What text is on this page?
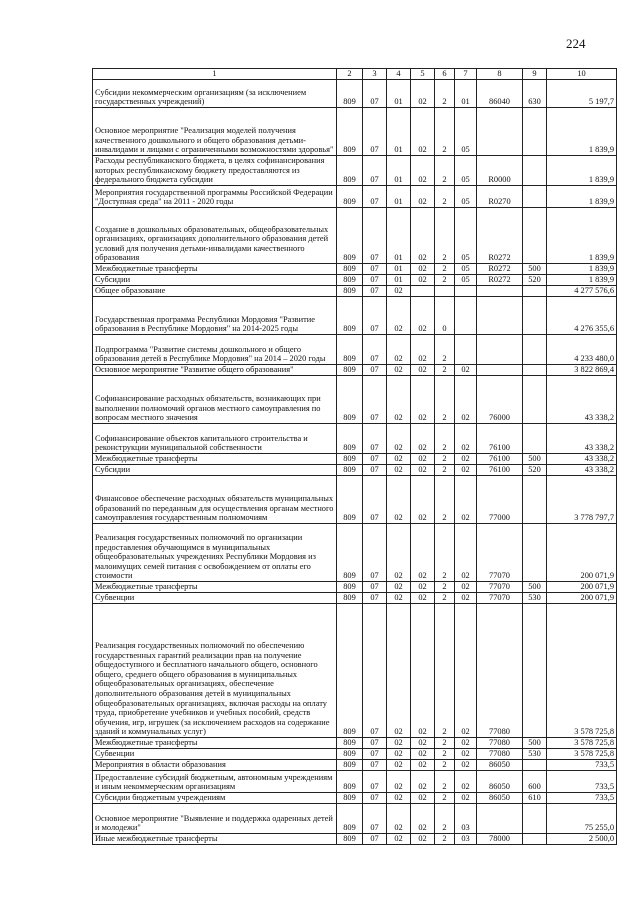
224
1	2	3	4	5	6	7	8	9	10
Субсидии некоммерческим организациям (за исключением государственных учреждений)	809	07	01	02	2	01	86040	630	5 197,7
Основное мероприятие "Реализация моделей получения качественного дошкольного и общего образования детьми-инвалидами и лицами с ограниченными возможностями здоровья"	809	07	01	02	2	05			1 839,9
Расходы республиканского бюджета, в целях софинансирования которых республиканскому бюджету предоставляются из федерального бюджета субсидии	809	07	01	02	2	05	R0000		1 839,9
Мероприятия государственной программы Российской Федерации "Доступная среда" на 2011 - 2020 годы	809	07	01	02	2	05	R0270		1 839,9
Создание в дошкольных образовательных, общеобразовательных организациях, организациях дополнительного образования детей условий для получения детьми-инвалидами качественного образования	809	07	01	02	2	05	R0272		1 839,9
Межбюджетные трансферты	809	07	01	02	2	05	R0272	500	1 839,9
Субсидии	809	07	01	02	2	05	R0272	520	1 839,9
Общее образование	809	07	02						4 277 576,6
Государственная программа Республики Мордовия "Развитие образования в Республике Мордовия" на 2014-2025 годы	809	07	02	02	0				4 276 355,6
Подпрограмма "Развитие системы дошкольного и общего образования детей в Республике Мордовия" на 2014 – 2020 годы	809	07	02	02	2				4 233 480,0
Основное мероприятие "Развитие общего образования"	809	07	02	02	2	02			3 822 869,4
Софинансирование расходных обязательств, возникающих при выполнении полномочий органов местного самоуправления по вопросам местного значения	809	07	02	02	2	02	76000		43 338,2
Софинансирование объектов капитального строительства и реконструкции муниципальной собственности	809	07	02	02	2	02	76100		43 338,2
Межбюджетные трансферты	809	07	02	02	2	02	76100	500	43 338,2
Субсидии	809	07	02	02	2	02	76100	520	43 338,2
Финансовое обеспечение расходных обязательств муниципальных образований по переданным для осуществления органам местного самоуправления государственным полномочиям	809	07	02	02	2	02	77000		3 778 797,7
Реализация государственных полномочий по организации предоставления обучающимся в муниципальных общеобразовательных учреждениях Республики Мордовия из малоимущих семей питания с освобождением от оплаты его стоимости	809	07	02	02	2	02	77070		200 071,9
Межбюджетные трансферты	809	07	02	02	2	02	77070	500	200 071,9
Субвенции	809	07	02	02	2	02	77070	530	200 071,9
Реализация государственных полномочий по обеспечению государственных гарантий реализации прав на получение общедоступного и бесплатного начального общего, основного общего, среднего общего образования в муниципальных общеобразовательных организациях, обеспечение дополнительного образования детей в муниципальных общеобразовательных организациях, включая расходы на оплату труда, приобретение учебников и учебных пособий, средств обучения, игр, игрушек (за исключением расходов на содержание зданий и коммунальных услуг)	809	07	02	02	2	02	77080		3 578 725,8
Межбюджетные трансферты	809	07	02	02	2	02	77080	500	3 578 725,8
Субвенции	809	07	02	02	2	02	77080	530	3 578 725,8
Мероприятия в области образования	809	07	02	02	2	02	86050		733,5
Предоставление субсидий бюджетным, автономным учреждениям и иным некоммерческим организациям	809	07	02	02	2	02	86050	600	733,5
Субсидии бюджетным учреждениям	809	07	02	02	2	02	86050	610	733,5
Основное мероприятие "Выявление и поддержка одаренных детей и молодежи"	809	07	02	02	2	03			75 255,0
Иные межбюджетные трансферты	809	07	02	02	2	03	78000		2 500,0
